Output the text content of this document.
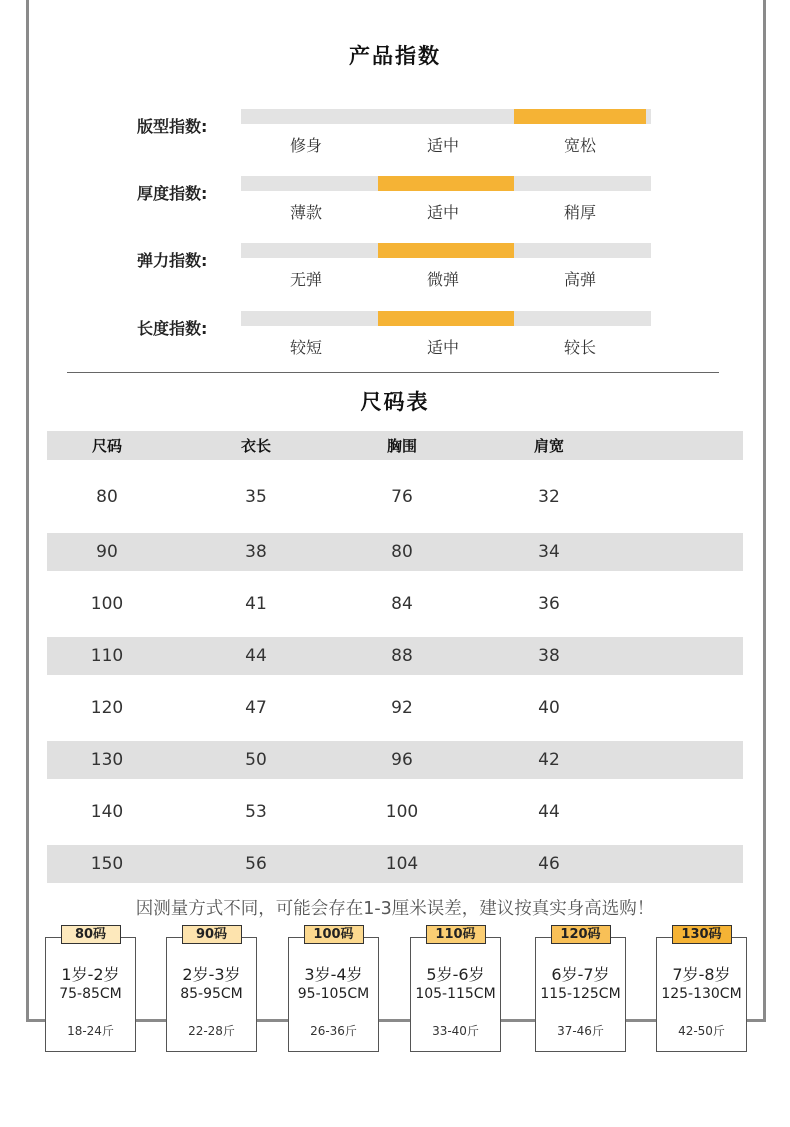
产品指数
版型指数:
修身	适中	宽松
厚度指数:
薄款	适中	稍厚
弹力指数:
无弹	微弹	高弹
长度指数:
较短	适中	较长
尺码表
尺码	衣长	胸围	肩宽
80	35	76	32
90	38	80	34
100	41	84	36
110	44	88	38
120	47	92	40
130	50	96	42
140	53	100	44
150	56	104	46
因测量方式不同，可能会存在1-3厘米误差，建议按真实身高选购！
80码
1岁-2岁
75-85CM
18-24斤
90码
2岁-3岁
85-95CM
22-28斤
100码
3岁-4岁
95-105CM
26-36斤
110码
5岁-6岁
105-115CM
33-40斤
120码
6岁-7岁
115-125CM
37-46斤
130码
7岁-8岁
125-130CM
42-50斤
